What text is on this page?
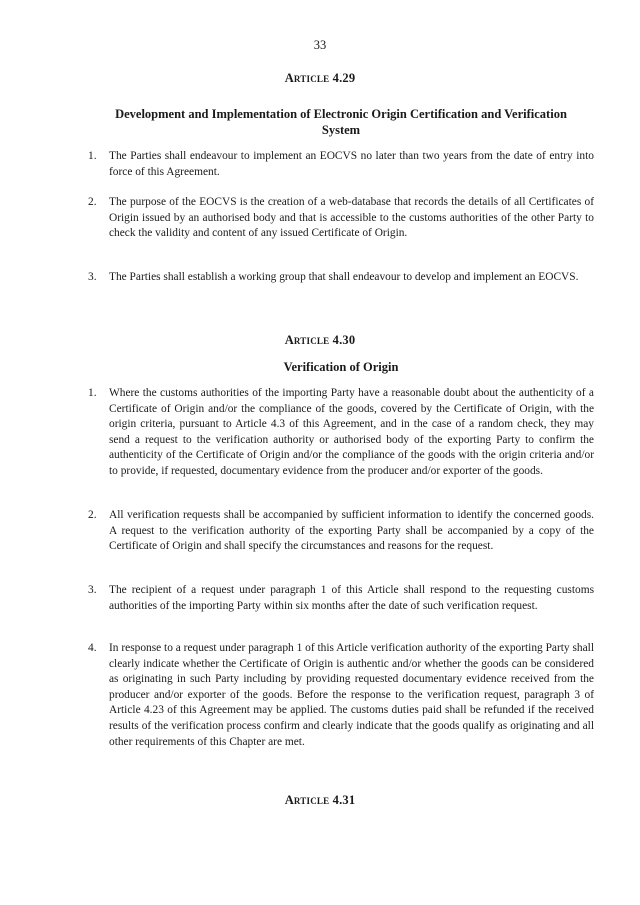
33
Article 4.29
Development and Implementation of Electronic Origin Certification and Verification System
1.	The Parties shall endeavour to implement an EOCVS no later than two years from the date of entry into force of this Agreement.
2.	The purpose of the EOCVS is the creation of a web-database that records the details of all Certificates of Origin issued by an authorised body and that is accessible to the customs authorities of the other Party to check the validity and content of any issued Certificate of Origin.
3.	The Parties shall establish a working group that shall endeavour to develop and implement an EOCVS.
Article 4.30
Verification of Origin
1.	Where the customs authorities of the importing Party have a reasonable doubt about the authenticity of a Certificate of Origin and/or the compliance of the goods, covered by the Certificate of Origin, with the origin criteria, pursuant to Article 4.3 of this Agreement, and in the case of a random check, they may send a request to the verification authority or authorised body of the exporting Party to confirm the authenticity of the Certificate of Origin and/or the compliance of the goods with the origin criteria and/or to provide, if requested, documentary evidence from the producer and/or exporter of the goods.
2.	All verification requests shall be accompanied by sufficient information to identify the concerned goods. A request to the verification authority of the exporting Party shall be accompanied by a copy of the Certificate of Origin and shall specify the circumstances and reasons for the request.
3.	The recipient of a request under paragraph 1 of this Article shall respond to the requesting customs authorities of the importing Party within six months after the date of such verification request.
4.	In response to a request under paragraph 1 of this Article verification authority of the exporting Party shall clearly indicate whether the Certificate of Origin is authentic and/or whether the goods can be considered as originating in such Party including by providing requested documentary evidence received from the producer and/or exporter of the goods. Before the response to the verification request, paragraph 3 of Article 4.23 of this Agreement may be applied. The customs duties paid shall be refunded if the received results of the verification process confirm and clearly indicate that the goods qualify as originating and all other requirements of this Chapter are met.
Article 4.31
